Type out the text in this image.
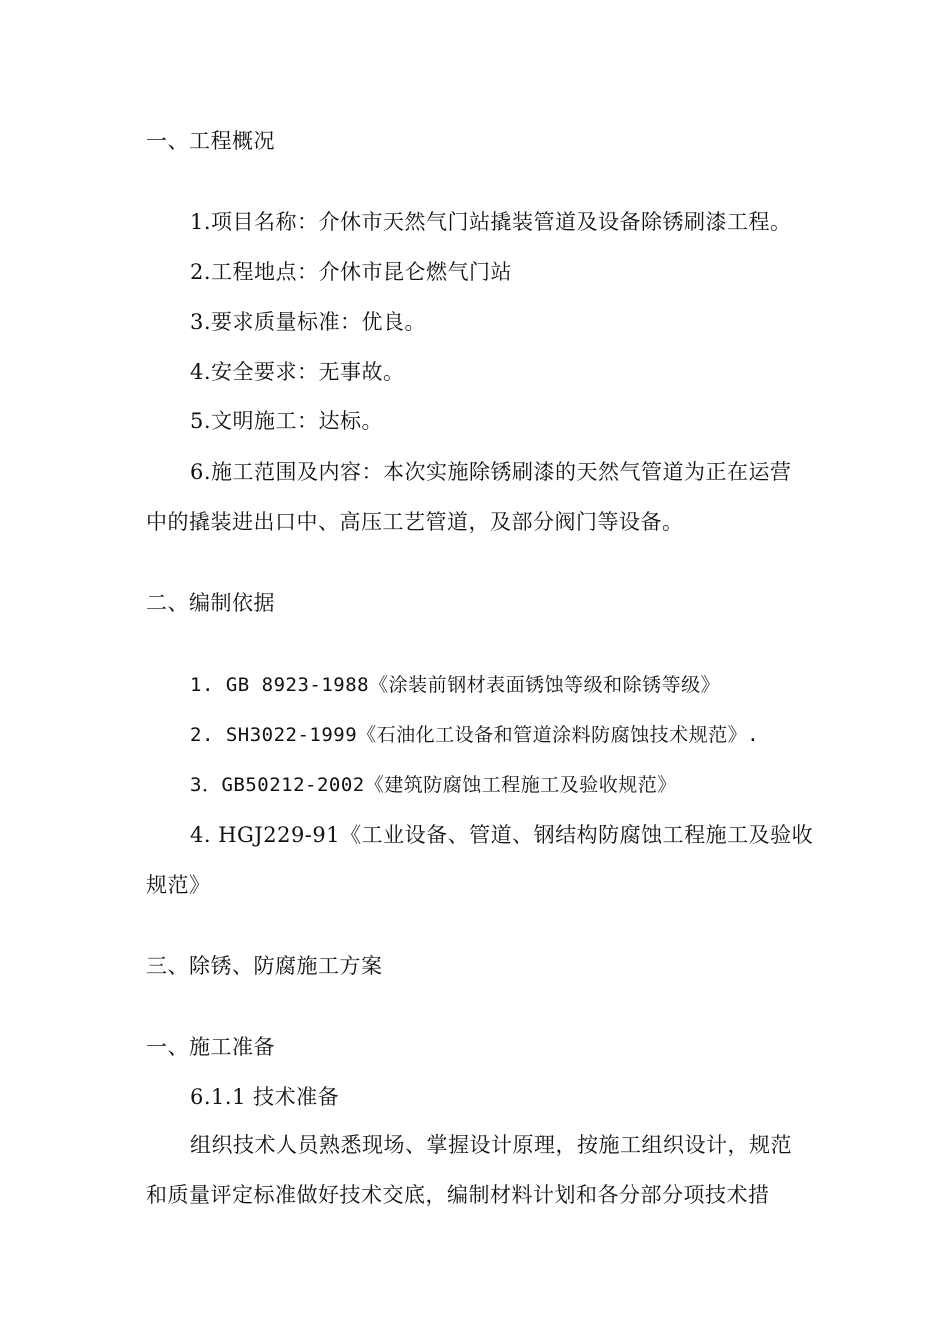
一、工程概况
1.项目名称：介休市天然气门站撬装管道及设备除锈刷漆工程。
2.工程地点：介休市昆仑燃气门站
3.要求质量标准：优良。
4.安全要求：无事故。
5.文明施工：达标。
6.施工范围及内容：本次实施除锈刷漆的天然气管道为正在运营
中的撬装进出口中、高压工艺管道，及部分阀门等设备。
二、编制依据
1. GB 8923-1988《涂装前钢材表面锈蚀等级和除锈等级》
2. SH3022-1999《石油化工设备和管道涂料防腐蚀技术规范》.
3．GB50212-2002《建筑防腐蚀工程施工及验收规范》
4. HGJ229-91《工业设备、管道、钢结构防腐蚀工程施工及验收
规范》
三、除锈、防腐施工方案
一、施工准备
6.1.1 技术准备
组织技术人员熟悉现场、掌握设计原理，按施工组织设计，规范
和质量评定标准做好技术交底，编制材料计划和各分部分项技术措
